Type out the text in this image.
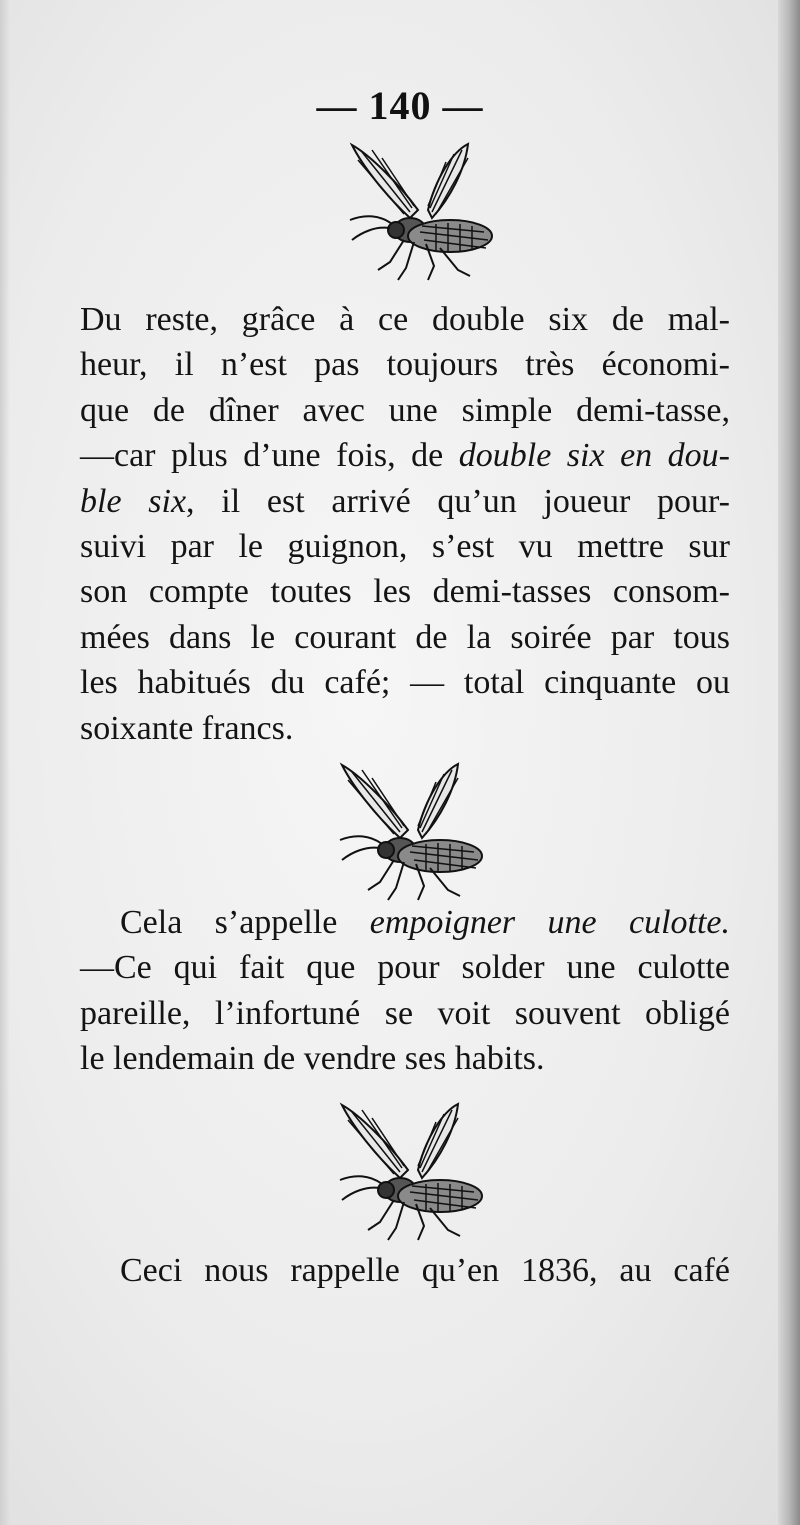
— 140 —
Du reste, grâce à ce double six de mal-
heur, il n’est pas toujours très économi-
que de dîner avec une simple demi-tasse,
—car plus d’une fois, de double six en dou-
ble six, il est arrivé qu’un joueur pour-
suivi par le guignon, s’est vu mettre sur
son compte toutes les demi-tasses consom-
mées dans le courant de la soirée par tous
les habitués du café; — total cinquante ou
soixante francs.
Cela s’appelle empoigner une culotte.
—Ce qui fait que pour solder une culotte
pareille, l’infortuné se voit souvent obligé
le lendemain de vendre ses habits.
Ceci nous rappelle qu’en 1836, au café
